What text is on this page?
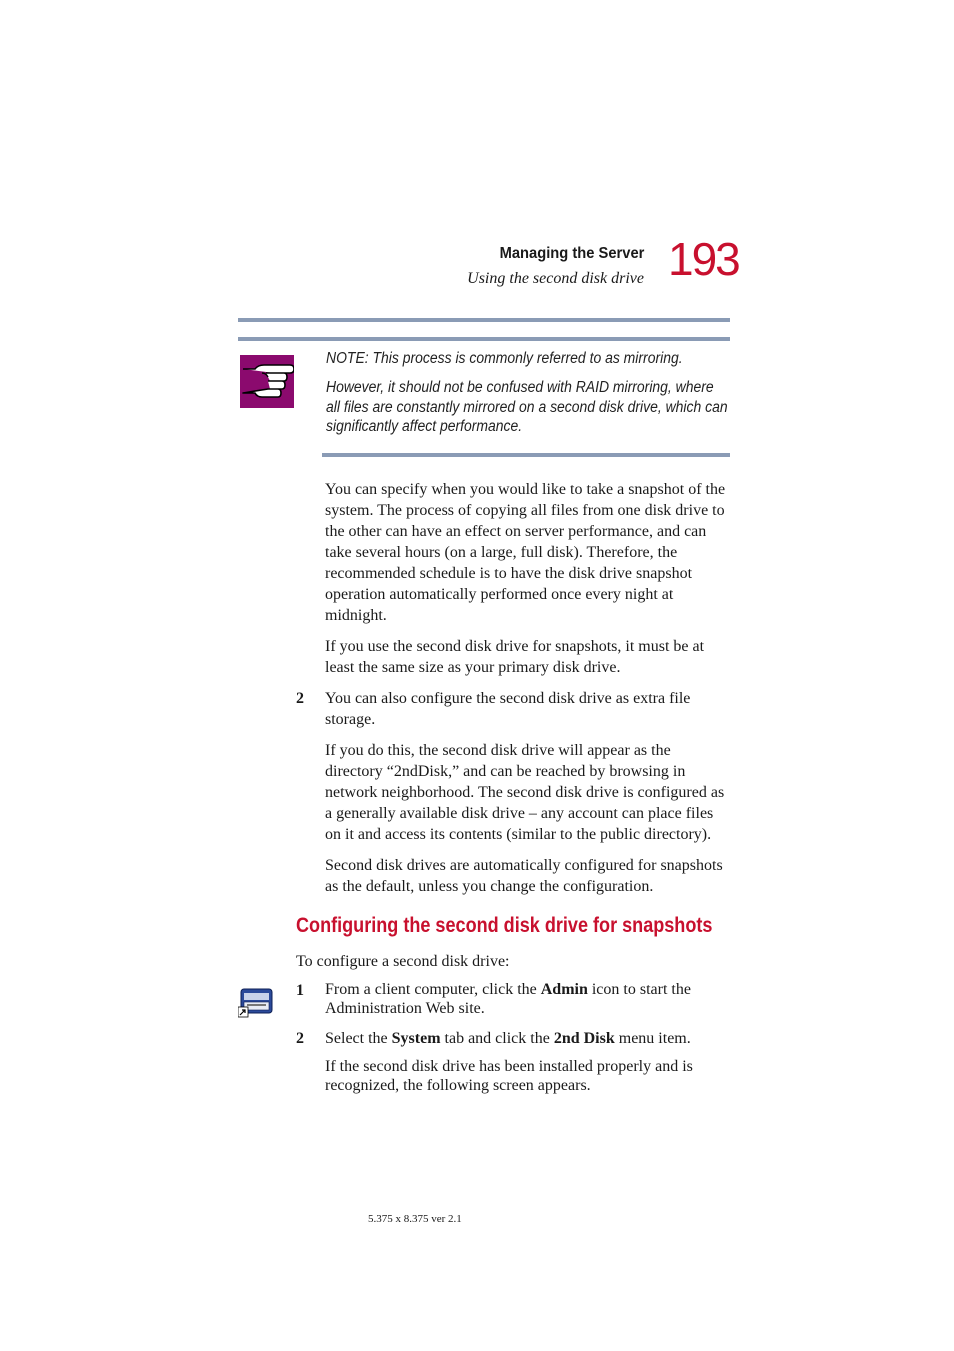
Managing the Server
Using the second disk drive 193
NOTE: This process is commonly referred to as mirroring.
However, it should not be confused with RAID mirroring, where all files are constantly mirrored on a second disk drive, which can significantly affect performance.
You can specify when you would like to take a snapshot of the system. The process of copying all files from one disk drive to the other can have an effect on server performance, and can take several hours (on a large, full disk). Therefore, the recommended schedule is to have the disk drive snapshot operation automatically performed once every night at midnight.
If you use the second disk drive for snapshots, it must be at least the same size as your primary disk drive.
2 You can also configure the second disk drive as extra file storage.
If you do this, the second disk drive will appear as the directory “2ndDisk,” and can be reached by browsing in network neighborhood. The second disk drive is configured as a generally available disk drive – any account can place files on it and access its contents (similar to the public directory).
Second disk drives are automatically configured for snapshots as the default, unless you change the configuration.
Configuring the second disk drive for snapshots
To configure a second disk drive:
1 From a client computer, click the Admin icon to start the Administration Web site.
2 Select the System tab and click the 2nd Disk menu item.
If the second disk drive has been installed properly and is recognized, the following screen appears.
5.375 x 8.375 ver 2.1
